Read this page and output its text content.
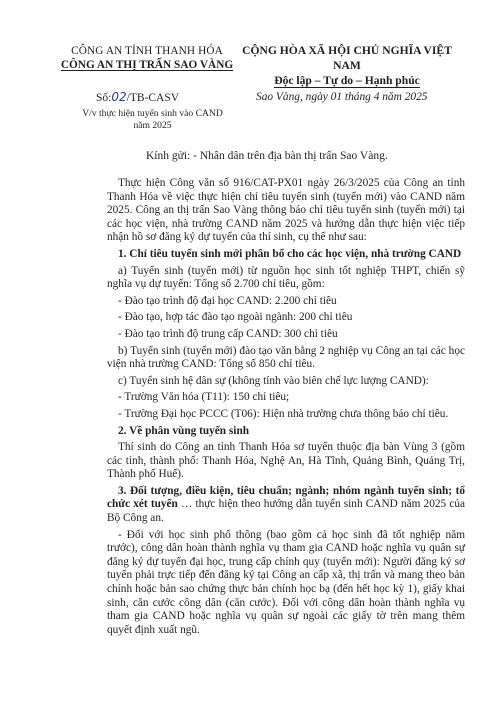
CÔNG AN TỈNH THANH HÓA
CÔNG AN THỊ TRẤN SAO VÀNG
CỘNG HÒA XÃ HỘI CHỦ NGHĨA VIỆT NAM
Độc lập – Tự do – Hạnh phúc
Số:02/TB-CASV
V/v thực hiện tuyển sinh vào CAND năm 2025
Sao Vàng, ngày 01 tháng 4 năm 2025
Kính gửi: - Nhân dân trên địa bàn thị trấn Sao Vàng.

Thực hiện Công văn số 916/CAT-PX01 ngày 26/3/2025 của Công an tỉnh Thanh Hóa về việc thực hiện chỉ tiêu tuyển sinh (tuyển mới) vào CAND năm 2025. Công an thị trấn Sao Vàng thông báo chỉ tiêu tuyển sinh (tuyển mới) tại các học viện, nhà trường CAND năm 2025 và hướng dẫn thực hiện việc tiếp nhận hồ sơ đăng ký dự tuyển của thí sinh, cụ thể như sau:

1. Chỉ tiêu tuyển sinh mới phân bổ cho các học viện, nhà trường CAND

a) Tuyển sinh (tuyển mới) từ nguồn học sinh tốt nghiệp THPT, chiến sỹ nghĩa vụ dự tuyển: Tổng số 2.700 chỉ tiêu, gồm:

- Đào tạo trình độ đại học CAND: 2.200 chỉ tiêu

- Đào tạo, hợp tác đào tạo ngoài ngành: 200 chỉ tiêu

- Đào tạo trình độ trung cấp CAND: 300 chỉ tiêu

b) Tuyển sinh (tuyển mới) đào tạo văn bằng 2 nghiệp vụ Công an tại các học viện nhà trường CAND: Tổng số 850 chỉ tiêu.

c) Tuyển sinh hệ dân sự (không tính vào biên chế lực lượng CAND):

- Trường Văn hóa (T11): 150 chỉ tiêu;

- Trường Đại học PCCC (T06): Hiện nhà trường chưa thông báo chỉ tiêu.

2. Về phân vùng tuyển sinh

Thí sinh do Công an tỉnh Thanh Hóa sơ tuyển thuộc địa bàn Vùng 3 (gồm các tỉnh, thành phố: Thanh Hóa, Nghệ An, Hà Tĩnh, Quảng Bình, Quảng Trị, Thành phố Huế).

3. Đối tượng, điều kiện, tiêu chuẩn; ngành; nhóm ngành tuyển sinh; tổ chức xét tuyển … thực hiện theo hướng dẫn tuyển sinh CAND năm 2025 của Bộ Công an.

- Đối với học sinh phổ thông (bao gồm cả học sinh đã tốt nghiệp năm trước), công dân hoàn thành nghĩa vụ tham gia CAND hoặc nghĩa vụ quân sự đăng ký dự tuyển đại học, trung cấp chính quy (tuyển mới): Người đăng ký sơ tuyển phải trực tiếp đến đăng ký tại Công an cấp xã, thị trấn và mang theo bản chính hoặc bản sao chứng thực bản chính học bạ (đến hết học kỳ 1), giấy khai sinh, căn cước công dân (căn cước). Đối với công dân hoàn thành nghĩa vụ tham gia CAND hoặc nghĩa vụ quân sự ngoài các giấy tờ trên mang thêm quyết định xuất ngũ.
